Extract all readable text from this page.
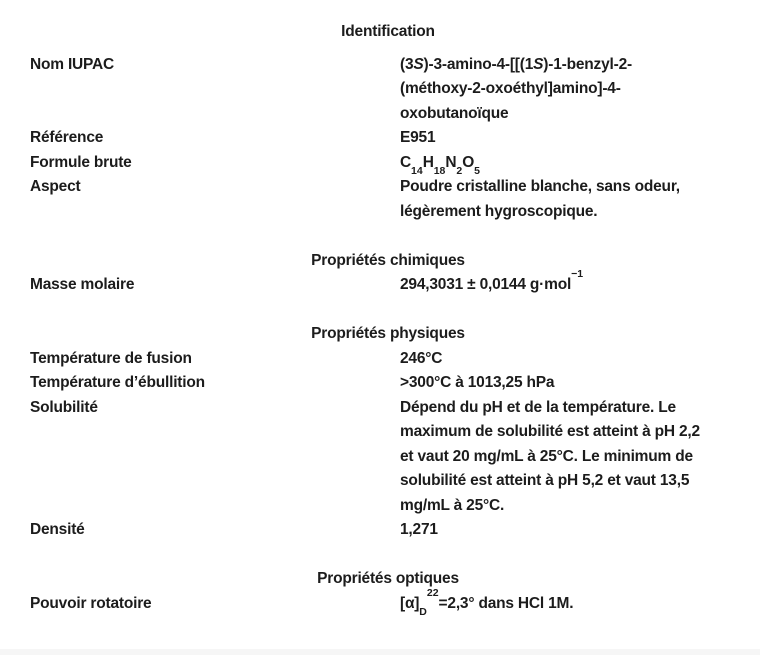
Identification
Nom IUPAC	(3S)-3-amino-4-[[(1S)-1-benzyl-2-
(méthoxy-2-oxoéthyl]amino]-4-
oxobutanoïque
Référence	E951
Formule brute	$C_{14}H_{18}N_2O_5$
Aspect	Poudre cristalline blanche, sans odeur,
légèrement hygroscopique.
Propriétés chimiques
Masse molaire	294,3031 ± 0,0144 g·mol$^{-1}$
Propriétés physiques
Température de fusion	246°C
Température d’ébullition	>300°C à 1013,25 hPa
Solubilité	Dépend du pH et de la température. Le
maximum de solubilité est atteint à pH 2,2
et vaut 20 mg/mL à 25°C. Le minimum de
solubilité est atteint à pH 5,2 et vaut 13,5
mg/mL à 25°C.
Densité	1,271
Propriétés optiques
Pouvoir rotatoire	$[\alpha]_D^{22}=2,3^\circ$ dans HCl 1M.
